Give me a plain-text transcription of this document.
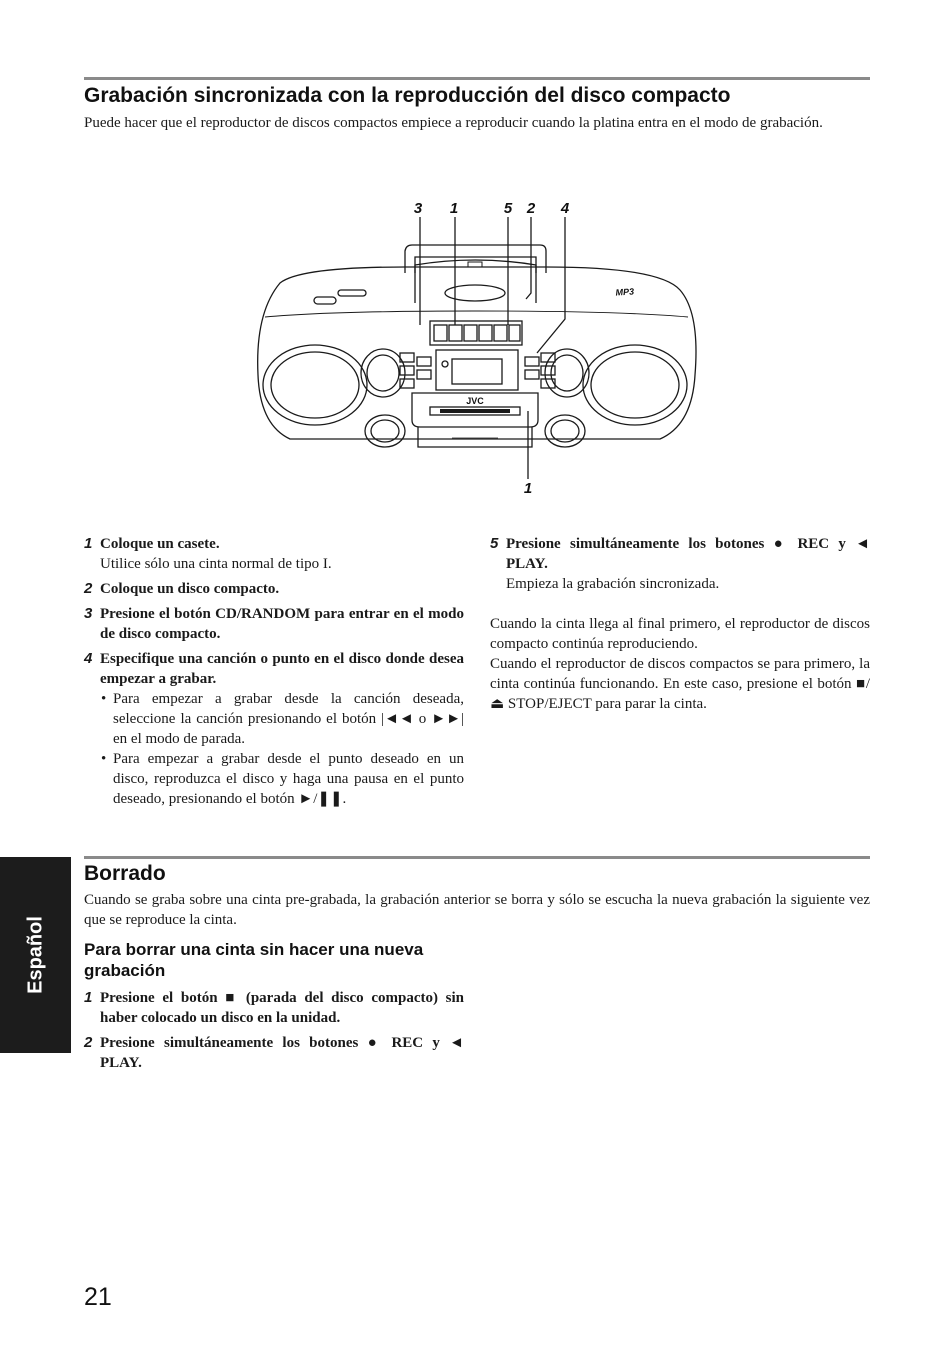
Grabación sincronizada con la reproducción del disco compacto

Puede hacer que el reproductor de discos compactos empiece a reproducir cuando la platina entra en el modo de grabación.

JVC
MP3
3 1	5 2 4
1
1 Coloque un casete.
Utilice sólo una cinta normal de tipo I.
2 Coloque un disco compacto.
3 Presione el botón CD/RANDOM para entrar en el modo de disco compacto.
4 Especifique una canción o punto en el disco donde desea empezar a grabar.
• Para empezar a grabar desde la canción deseada, seleccione la canción presionando el botón |◄◄ o ►►| en el modo de parada.
• Para empezar a grabar desde el punto deseado en un disco, reproduzca el disco y haga una pausa en el punto deseado, presionando el botón ►/❚❚.
5 Presione simultáneamente los botones ● REC y ◄ PLAY.
Empieza la grabación sincronizada.

Cuando la cinta llega al final primero, el reproductor de discos compacto continúa reproduciendo.

Cuando el reproductor de discos compactos se para primero, la cinta continúa funcionando. En este caso, presione el botón ■/⏏ STOP/EJECT para parar la cinta.

Borrado

Cuando se graba sobre una cinta pre-grabada, la grabación anterior se borra y sólo se escucha la nueva grabación la siguiente vez que se reproduce la cinta.

Para borrar una cinta sin hacer una nueva grabación
1 Presione el botón ■ (parada del disco compacto) sin haber colocado un disco en la unidad.
2 Presione simultáneamente los botones ● REC y ◄ PLAY.
Español
21
